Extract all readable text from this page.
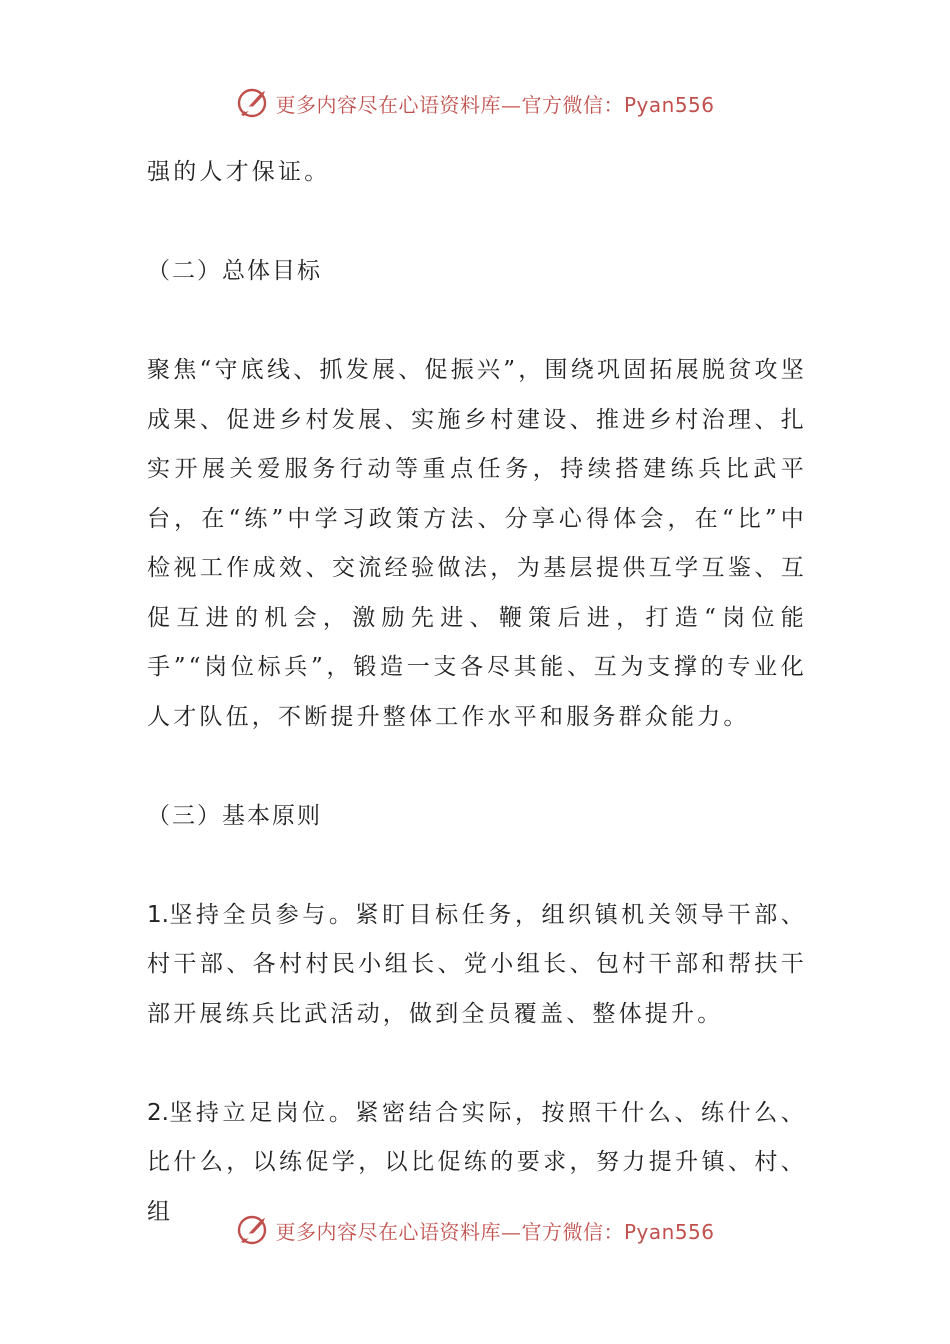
更多内容尽在心语资料库—官方微信：Pyan556

强的人才保证。

（二）总体目标

聚焦“守底线、抓发展、促振兴”，围绕巩固拓展脱贫攻坚成果、促进乡村发展、实施乡村建设、推进乡村治理、扎实开展关爱服务行动等重点任务，持续搭建练兵比武平台，在“练”中学习政策方法、分享心得体会，在“比”中检视工作成效、交流经验做法，为基层提供互学互鉴、互促互进的机会，激励先进、鞭策后进，打造“岗位能手”“岗位标兵”，锻造一支各尽其能、互为支撑的专业化人才队伍，不断提升整体工作水平和服务群众能力。

（三）基本原则

1.坚持全员参与。紧盯目标任务，组织镇机关领导干部、村干部、各村村民小组长、党小组长、包村干部和帮扶干部开展练兵比武活动，做到全员覆盖、整体提升。

2.坚持立足岗位。紧密结合实际，按照干什么、练什么、比什么，以练促学，以比促练的要求，努力提升镇、村、组

更多内容尽在心语资料库—官方微信：Pyan556
